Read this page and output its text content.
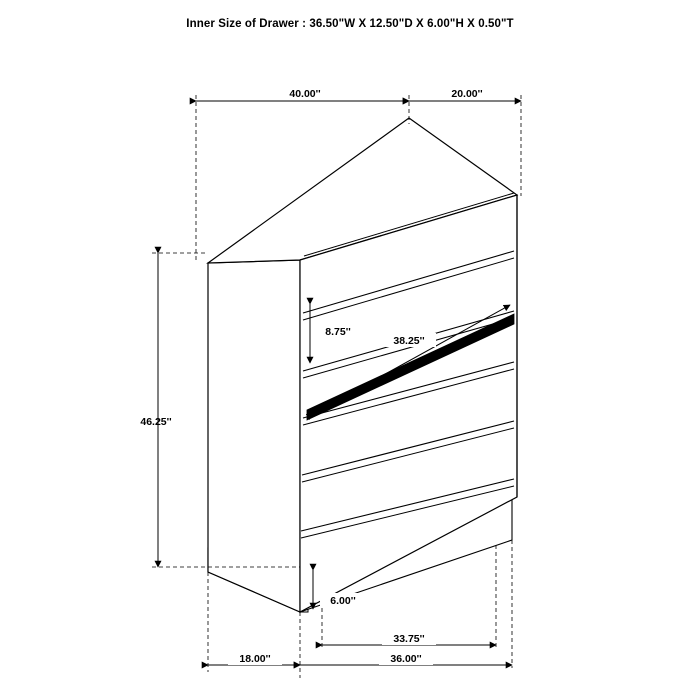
Inner Size of Drawer : 36.50"W X 12.50"D X 6.00"H X 0.50"T
40.00''	20.00''
46.25''
8.75''
38.25''
6.00''
33.75''
36.00''
18.00''
